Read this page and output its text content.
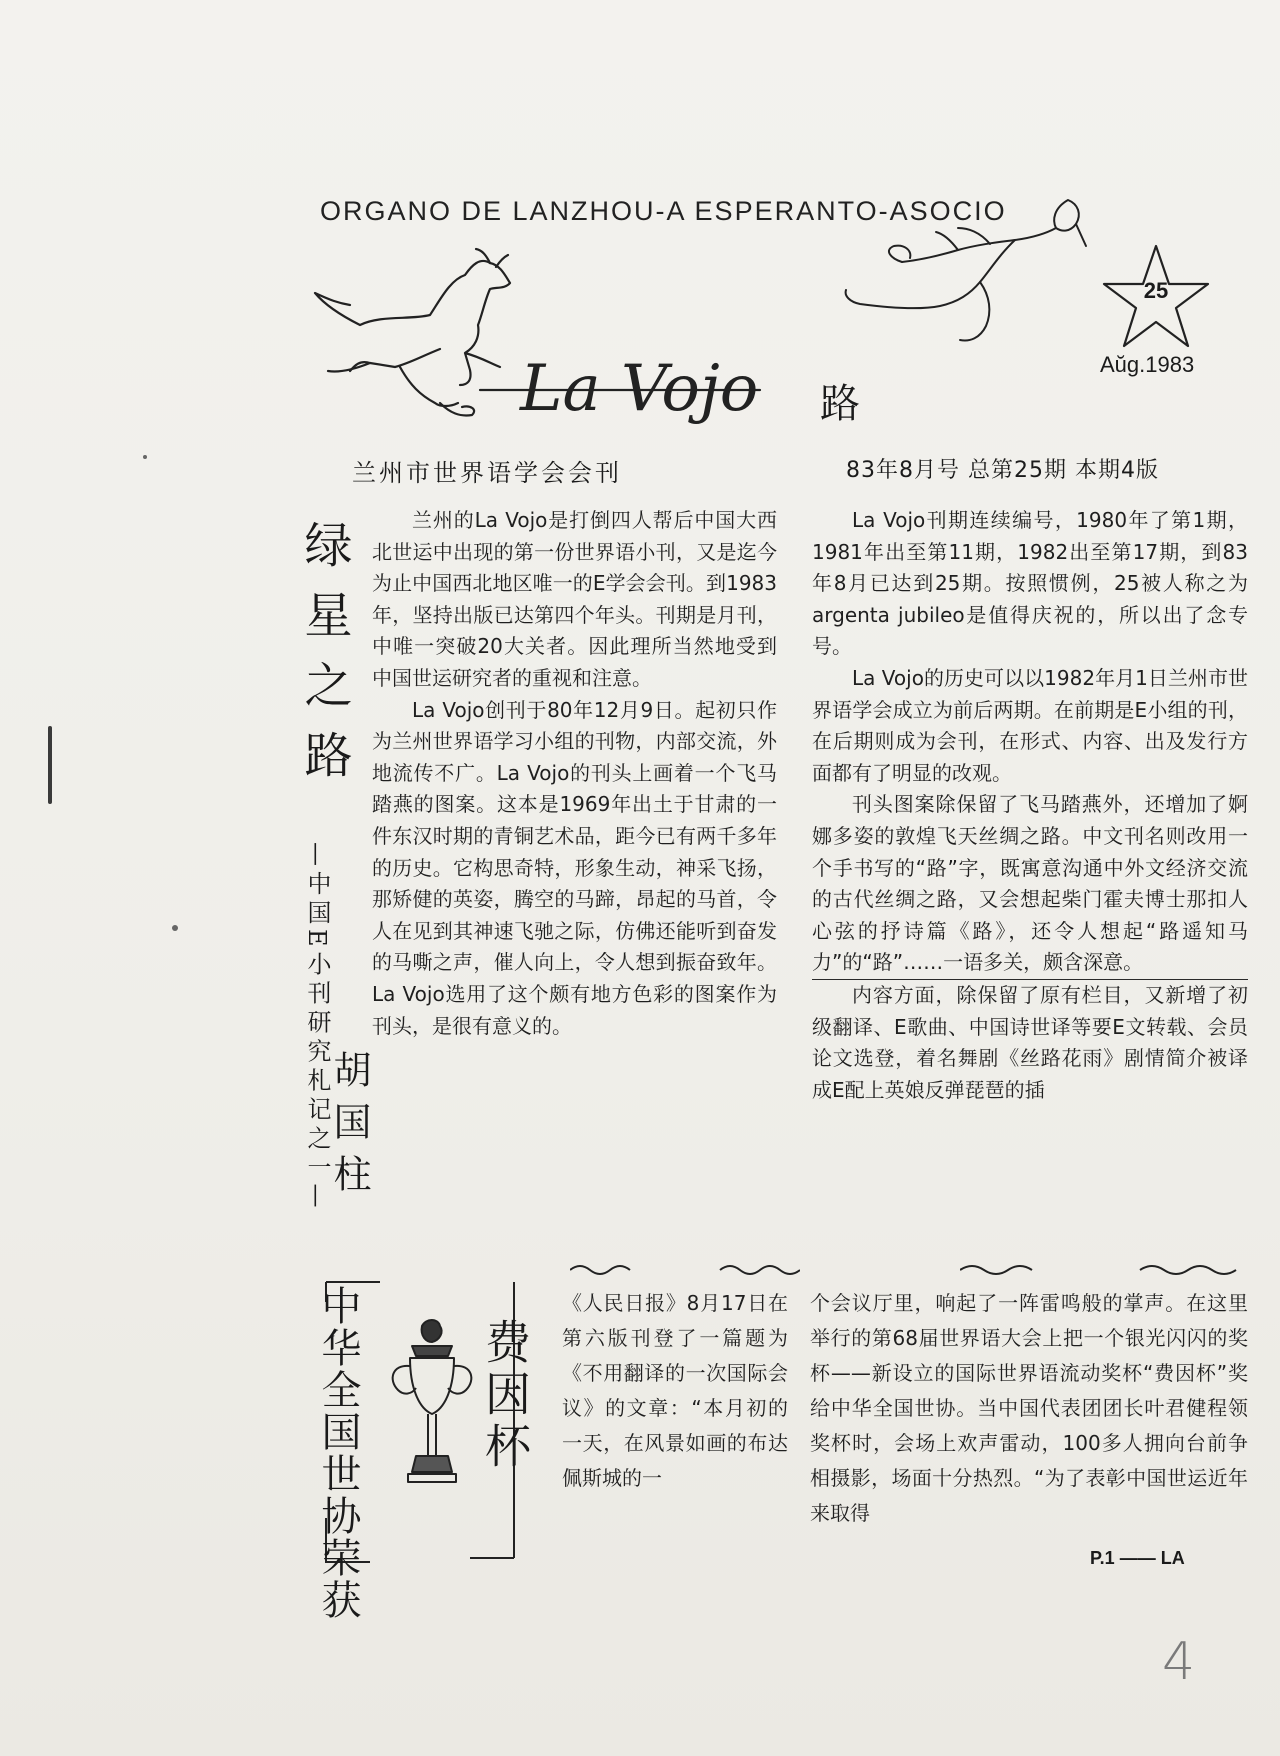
ORGANO DE LANZHOU-A ESPERANTO-ASOCIO
25
Aŭg.1983
La Vojo 路
兰州市世界语学会会刊	83年8月号 总第25期 本期4版
绿星之路
—中国E小刊研究札记之一—
胡国柱

兰州的La Vojo是打倒四人帮后中国大西北世运中出现的第一份世界语小刊，又是迄今为止中国西北地区唯一的E学会会刊。到1983年，坚持出版已达第四个年头。刊期是月刊，中唯一突破20大关者。因此理所当然地受到中国世运研究者的重视和注意。

La Vojo创刊于80年12月9日。起初只作为兰州世界语学习小组的刊物，内部交流，外地流传不广。La Vojo的刊头上画着一个飞马踏燕的图案。这本是1969年出土于甘肃的一件东汉时期的青铜艺术品，距今已有两千多年的历史。它构思奇特，形象生动，神采飞扬，那矫健的英姿，腾空的马蹄，昂起的马首，令人在见到其神速飞驰之际，仿佛还能听到奋发的马嘶之声，催人向上，令人想到振奋致年。La Vojo选用了这个颇有地方色彩的图案作为刊头，是很有意义的。

La Vojo刊期连续编号，1980年了第1期，1981年出至第11期，1982出至第17期，到83年8月已达到25期。按照惯例，25被人称之为argenta jubileo是值得庆祝的，所以出了念专号。

La Vojo的历史可以以1982年月1日兰州市世界语学会成立为前后两期。在前期是E小组的刊，在后期则成为会刊，在形式、内容、出及发行方面都有了明显的改观。

刊头图案除保留了飞马踏燕外，还增加了婀娜多姿的敦煌飞天丝绸之路。中文刊名则改用一个手书写的“路”字，既寓意沟通中外文经济交流的古代丝绸之路，又会想起柴门霍夫博士那扣人心弦的抒诗篇《路》，还令人想起“路遥知马力”的“路”……一语多关，颇含深意。

内容方面，除保留了原有栏目，又新增了初级翻译、E歌曲、中国诗世译等要E文转载、会员论文选登，着名舞剧《丝路花雨》剧情简介被译成E配上英娘反弹琵琶的插

中华全国世协荣获	费因杯

《人民日报》8月17日在第六版刊登了一篇题为《不用翻译的一次国际会议》的文章：“本月初的一天，在风景如画的布达佩斯城的一

个会议厅里，响起了一阵雷鸣般的掌声。在这里举行的第68届世界语大会上把一个银光闪闪的奖杯——新设立的国际世界语流动奖杯“费因杯”奖给中华全国世协。当中国代表团团长叶君健程领奖杯时，会场上欢声雷动，100多人拥向台前争相摄影，场面十分热烈。“为了表彰中国世运近年来取得

P.1 —— LA
4
